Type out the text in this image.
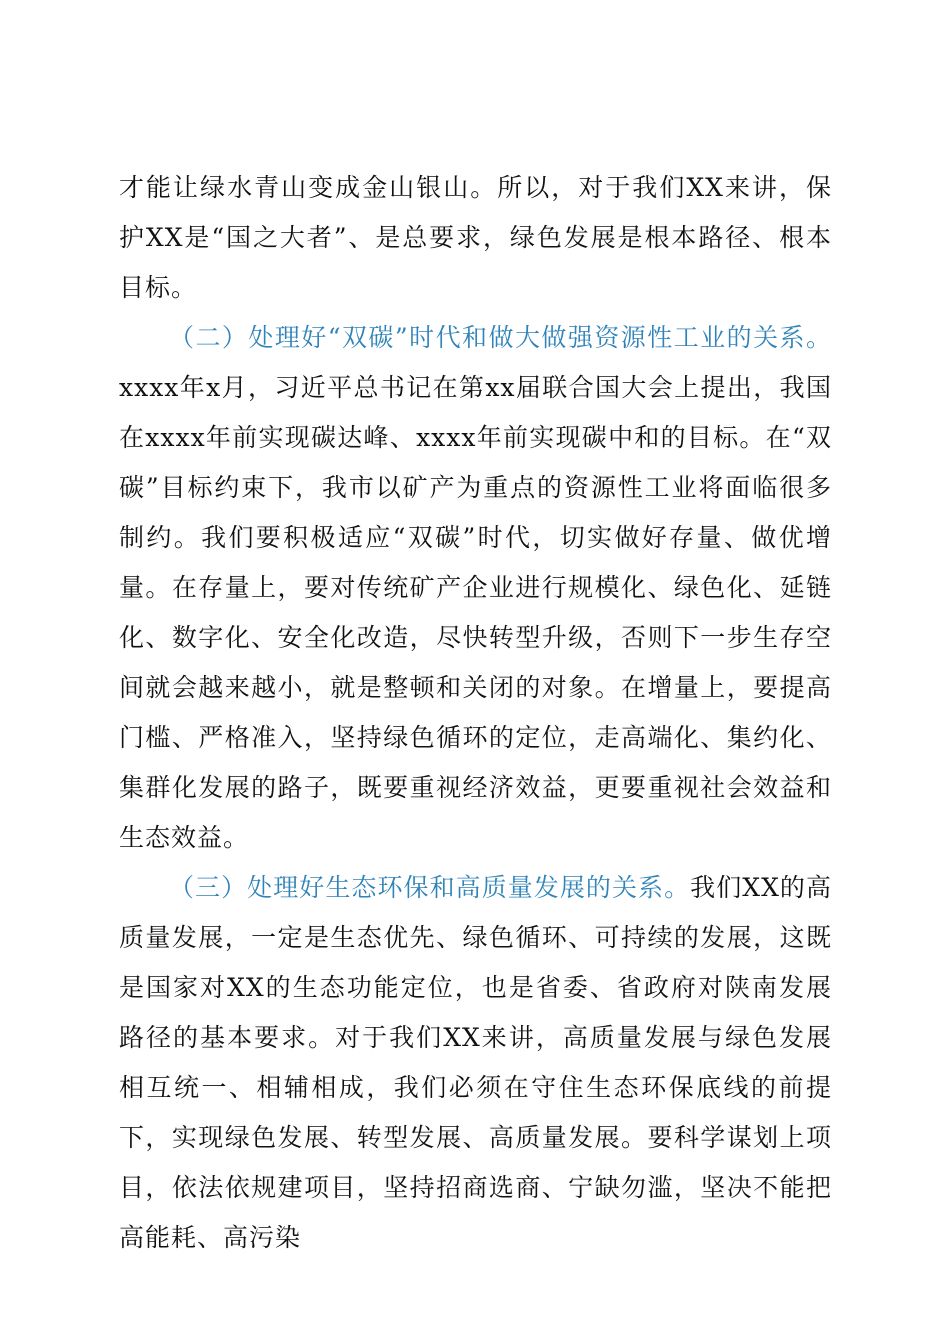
才能让绿水青山变成金山银山。所以，对于我们XX来讲，保护XX是“国之大者”、是总要求，绿色发展是根本路径、根本目标。

（二）处理好“双碳”时代和做大做强资源性工业的关系。xxxx年x月，习近平总书记在第xx届联合国大会上提出，我国在xxxx年前实现碳达峰、xxxx年前实现碳中和的目标。在“双碳”目标约束下，我市以矿产为重点的资源性工业将面临很多制约。我们要积极适应“双碳”时代，切实做好存量、做优增量。在存量上，要对传统矿产企业进行规模化、绿色化、延链化、数字化、安全化改造，尽快转型升级，否则下一步生存空间就会越来越小，就是整顿和关闭的对象。在增量上，要提高门槛、严格准入，坚持绿色循环的定位，走高端化、集约化、集群化发展的路子，既要重视经济效益，更要重视社会效益和生态效益。

（三）处理好生态环保和高质量发展的关系。我们XX的高质量发展，一定是生态优先、绿色循环、可持续的发展，这既是国家对XX的生态功能定位，也是省委、省政府对陕南发展路径的基本要求。对于我们XX来讲，高质量发展与绿色发展相互统一、相辅相成，我们必须在守住生态环保底线的前提下，实现绿色发展、转型发展、高质量发展。要科学谋划上项目，依法依规建项目，坚持招商选商、宁缺勿滥，坚决不能把高能耗、高污染
